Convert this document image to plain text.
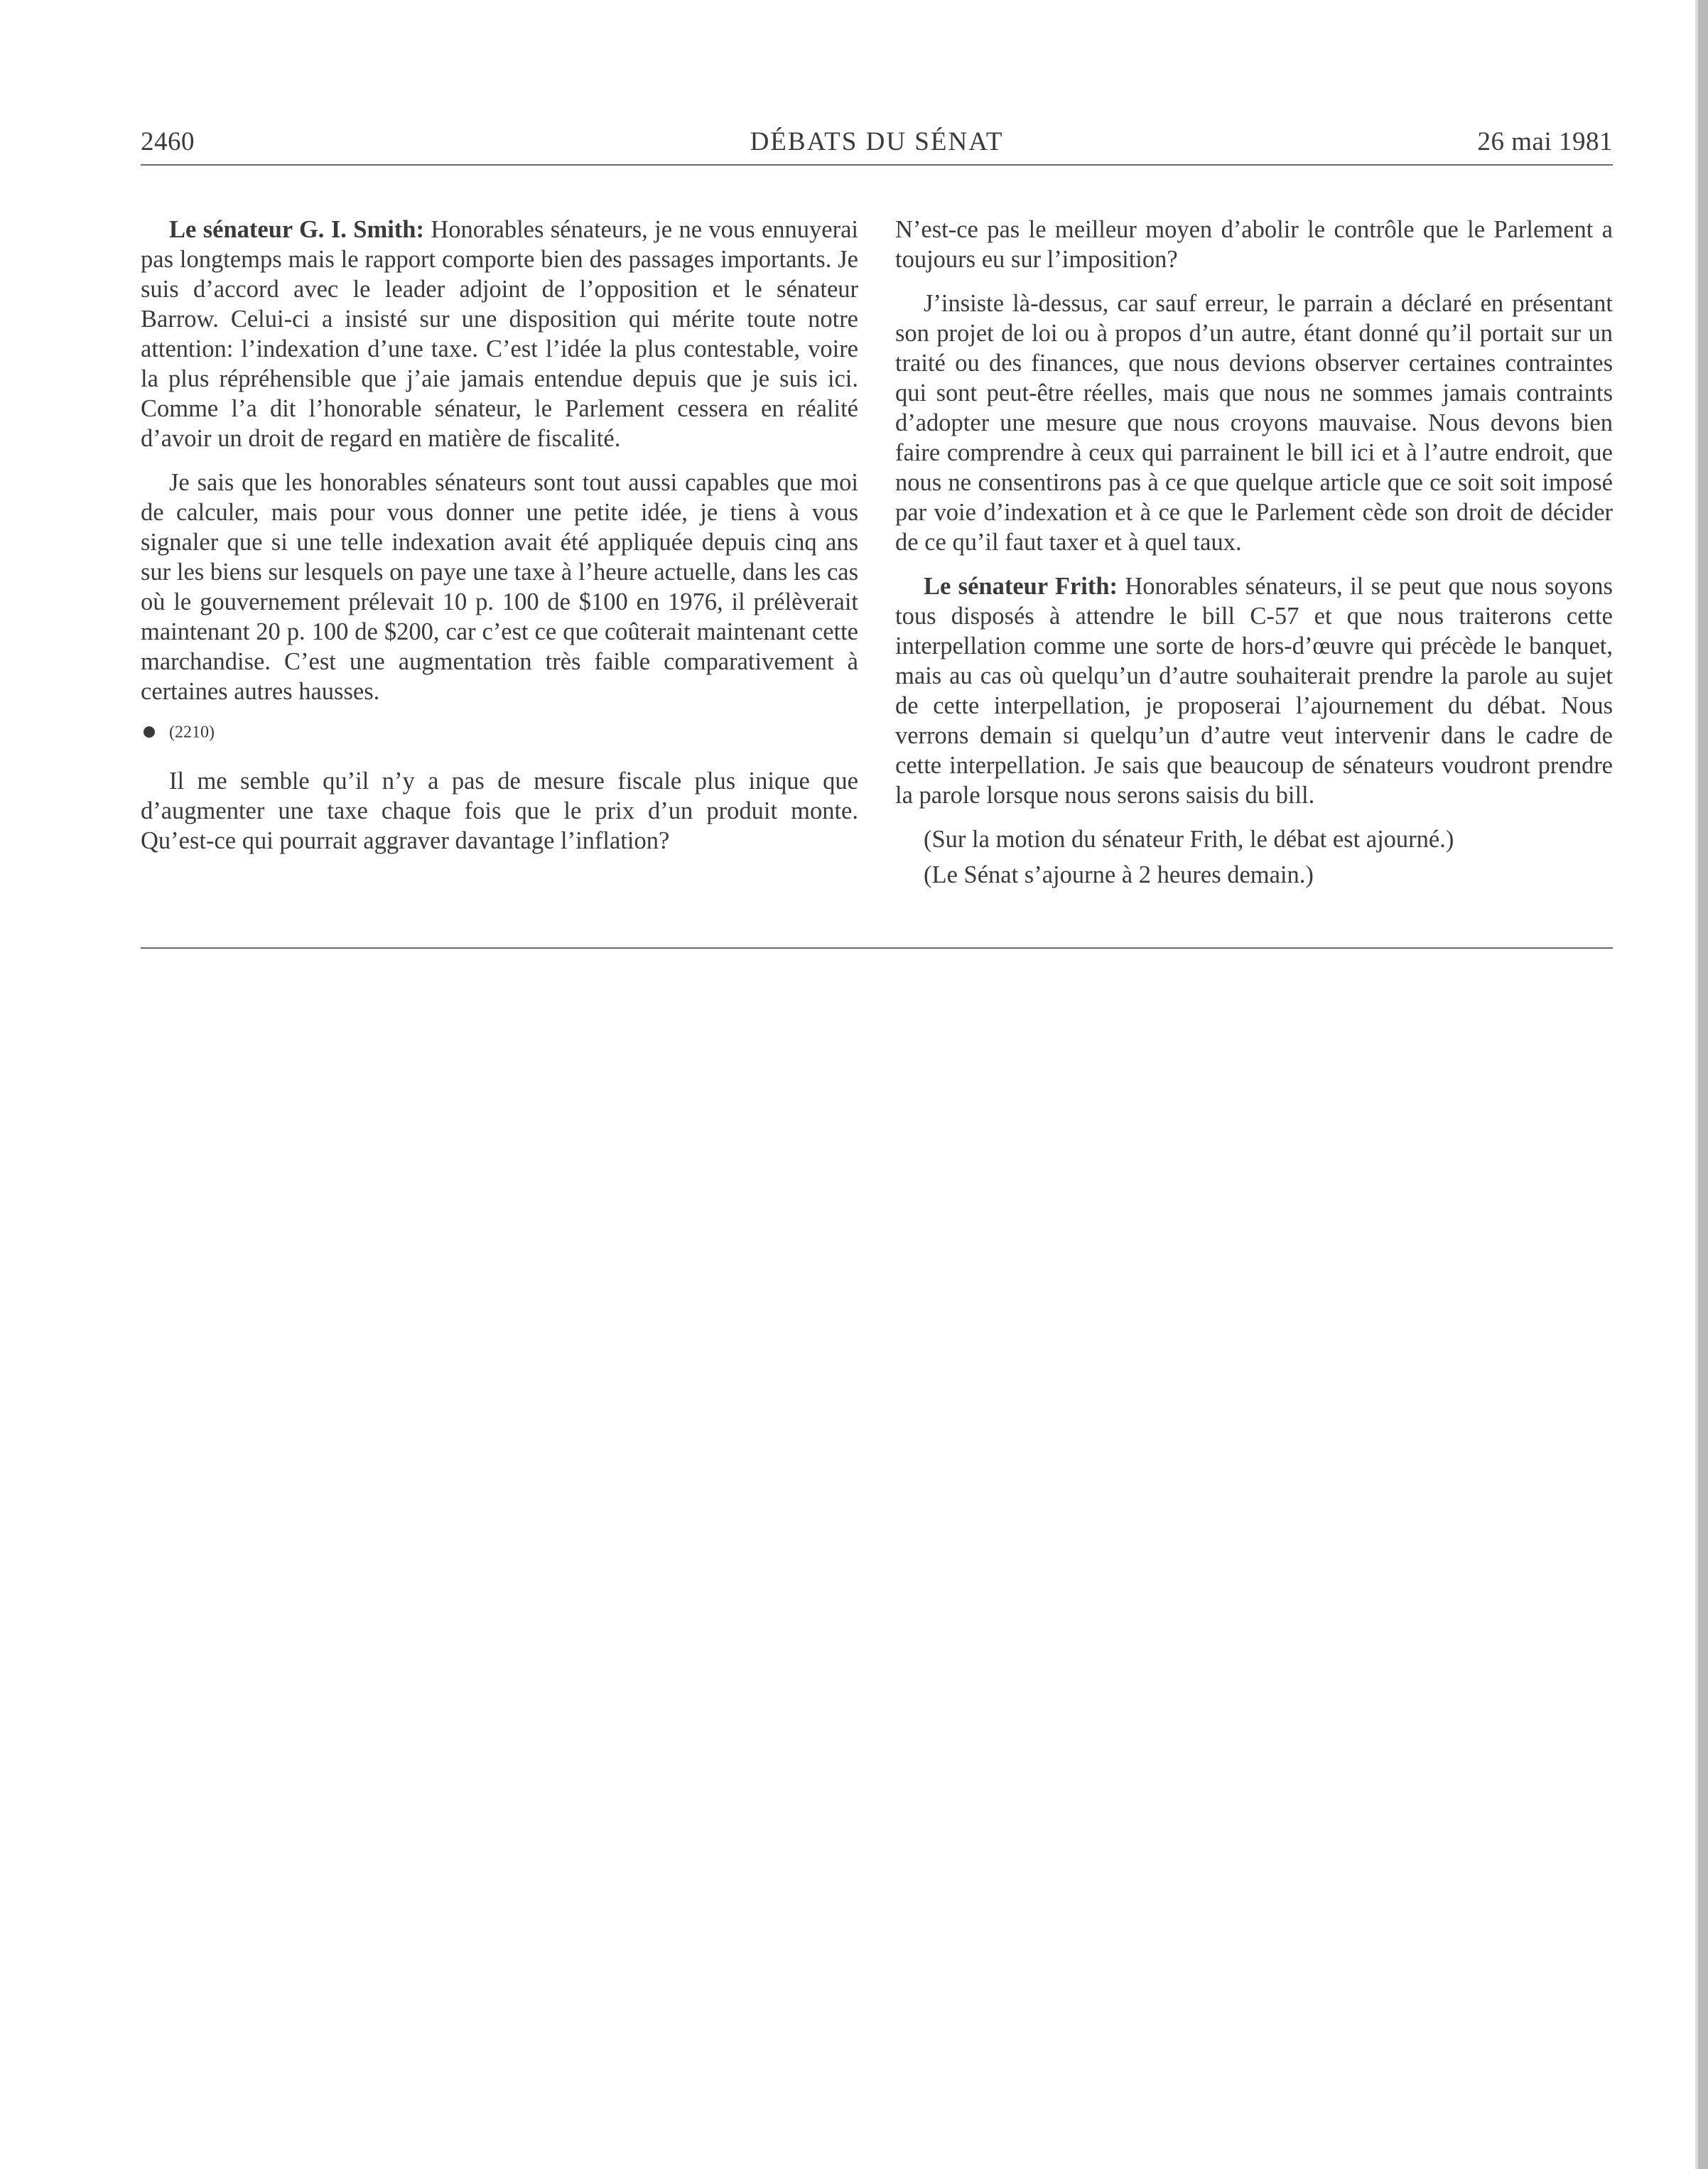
2460	DÉBATS DU SÉNAT	26 mai 1981

Le sénateur G. I. Smith: Honorables sénateurs, je ne vous ennuyerai pas longtemps mais le rapport comporte bien des passages importants. Je suis d’accord avec le leader adjoint de l’opposition et le sénateur Barrow. Celui-ci a insisté sur une disposition qui mérite toute notre attention: l’indexation d’une taxe. C’est l’idée la plus contestable, voire la plus répréhensible que j’aie jamais entendue depuis que je suis ici. Comme l’a dit l’honorable sénateur, le Parlement cessera en réalité d’avoir un droit de regard en matière de fiscalité.

Je sais que les honorables sénateurs sont tout aussi capables que moi de calculer, mais pour vous donner une petite idée, je tiens à vous signaler que si une telle indexation avait été appliquée depuis cinq ans sur les biens sur lesquels on paye une taxe à l’heure actuelle, dans les cas où le gouvernement prélevait 10 p. 100 de $100 en 1976, il prélèverait maintenant 20 p. 100 de $200, car c’est ce que coûterait maintenant cette marchandise. C’est une augmentation très faible comparativement à certaines autres hausses.

(2210)

Il me semble qu’il n’y a pas de mesure fiscale plus inique que d’augmenter une taxe chaque fois que le prix d’un produit monte. Qu’est-ce qui pourrait aggraver davantage l’inflation?

N’est-ce pas le meilleur moyen d’abolir le contrôle que le Parlement a toujours eu sur l’imposition?

J’insiste là-dessus, car sauf erreur, le parrain a déclaré en présentant son projet de loi ou à propos d’un autre, étant donné qu’il portait sur un traité ou des finances, que nous devions observer certaines contraintes qui sont peut-être réelles, mais que nous ne sommes jamais contraints d’adopter une mesure que nous croyons mauvaise. Nous devons bien faire comprendre à ceux qui parrainent le bill ici et à l’autre endroit, que nous ne consentirons pas à ce que quelque article que ce soit soit imposé par voie d’indexation et à ce que le Parlement cède son droit de décider de ce qu’il faut taxer et à quel taux.

Le sénateur Frith: Honorables sénateurs, il se peut que nous soyons tous disposés à attendre le bill C-57 et que nous traiterons cette interpellation comme une sorte de hors-d’œuvre qui précède le banquet, mais au cas où quelqu’un d’autre souhaiterait prendre la parole au sujet de cette interpellation, je proposerai l’ajournement du débat. Nous verrons demain si quelqu’un d’autre veut intervenir dans le cadre de cette interpellation. Je sais que beaucoup de sénateurs voudront prendre la parole lorsque nous serons saisis du bill.

(Sur la motion du sénateur Frith, le débat est ajourné.)

(Le Sénat s’ajourne à 2 heures demain.)
